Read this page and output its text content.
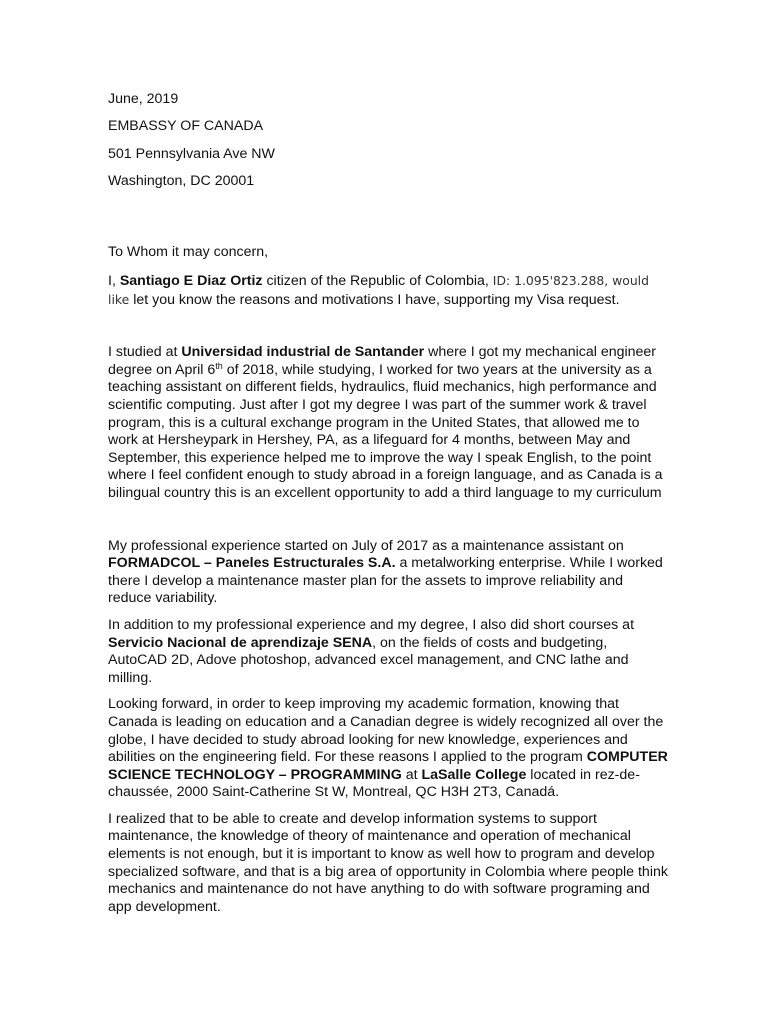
June, 2019
EMBASSY OF CANADA
501 Pennsylvania Ave NW
Washington, DC 20001

To Whom it may concern,

I, Santiago E Diaz Ortiz citizen of the Republic of Colombia, ID: 1.095'823.288, would like let you know the reasons and motivations I have, supporting my Visa request.

I studied at Universidad industrial de Santander where I got my mechanical engineer degree on April 6th of 2018, while studying, I worked for two years at the university as a teaching assistant on different fields, hydraulics, fluid mechanics, high performance and scientific computing. Just after I got my degree I was part of the summer work & travel program, this is a cultural exchange program in the United States, that allowed me to work at Hersheypark in Hershey, PA, as a lifeguard for 4 months, between May and September, this experience helped me to improve the way I speak English, to the point where I feel confident enough to study abroad in a foreign language, and as Canada is a bilingual country this is an excellent opportunity to add a third language to my curriculum

My professional experience started on July of 2017 as a maintenance assistant on FORMADCOL – Paneles Estructurales S.A. a metalworking enterprise. While I worked there I develop a maintenance master plan for the assets to improve reliability and reduce variability.

In addition to my professional experience and my degree, I also did short courses at Servicio Nacional de aprendizaje SENA, on the fields of costs and budgeting, AutoCAD 2D, Adove photoshop, advanced excel management, and CNC lathe and milling.

Looking forward, in order to keep improving my academic formation, knowing that Canada is leading on education and a Canadian degree is widely recognized all over the globe, I have decided to study abroad looking for new knowledge, experiences and abilities on the engineering field. For these reasons I applied to the program COMPUTER SCIENCE TECHNOLOGY – PROGRAMMING at LaSalle College located in rez-de-chaussée, 2000 Saint-Catherine St W, Montreal, QC H3H 2T3, Canadá.

I realized that to be able to create and develop information systems to support maintenance, the knowledge of theory of maintenance and operation of mechanical elements is not enough, but it is important to know as well how to program and develop specialized software, and that is a big area of opportunity in Colombia where people think mechanics and maintenance do not have anything to do with software programing and app development.
